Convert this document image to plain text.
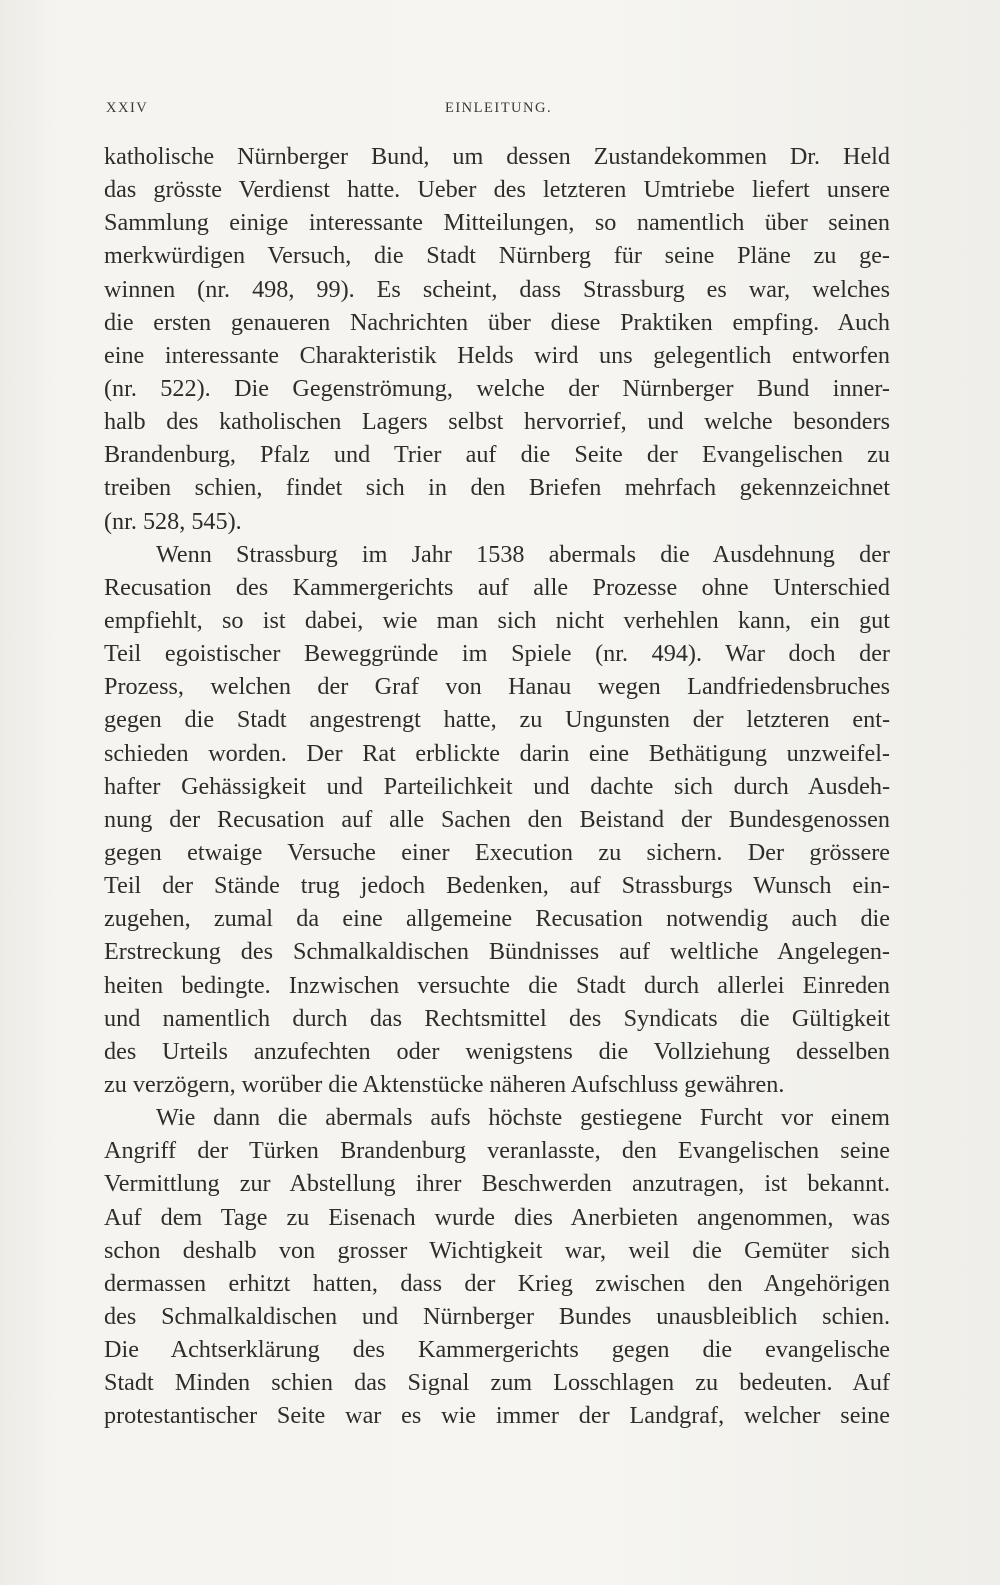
XXIV	EINLEITUNG.
katholische Nürnberger Bund, um dessen Zustandekommen Dr. Held
das grösste Verdienst hatte. Ueber des letzteren Umtriebe liefert unsere
Sammlung einige interessante Mitteilungen, so namentlich über seinen
merkwürdigen Versuch, die Stadt Nürnberg für seine Pläne zu ge-
winnen (nr. 498, 99). Es scheint, dass Strassburg es war, welches
die ersten genaueren Nachrichten über diese Praktiken empfing. Auch
eine interessante Charakteristik Helds wird uns gelegentlich entworfen
(nr. 522). Die Gegenströmung, welche der Nürnberger Bund inner-
halb des katholischen Lagers selbst hervorrief, und welche besonders
Brandenburg, Pfalz und Trier auf die Seite der Evangelischen zu
treiben schien, findet sich in den Briefen mehrfach gekennzeichnet
(nr. 528, 545).
Wenn Strassburg im Jahr 1538 abermals die Ausdehnung der
Recusation des Kammergerichts auf alle Prozesse ohne Unterschied
empfiehlt, so ist dabei, wie man sich nicht verhehlen kann, ein gut
Teil egoistischer Beweggründe im Spiele (nr. 494). War doch der
Prozess, welchen der Graf von Hanau wegen Landfriedensbruches
gegen die Stadt angestrengt hatte, zu Ungunsten der letzteren ent-
schieden worden. Der Rat erblickte darin eine Bethätigung unzweifel-
hafter Gehässigkeit und Parteilichkeit und dachte sich durch Ausdeh-
nung der Recusation auf alle Sachen den Beistand der Bundesgenossen
gegen etwaige Versuche einer Execution zu sichern. Der grössere
Teil der Stände trug jedoch Bedenken, auf Strassburgs Wunsch ein-
zugehen, zumal da eine allgemeine Recusation notwendig auch die
Erstreckung des Schmalkaldischen Bündnisses auf weltliche Angelegen-
heiten bedingte. Inzwischen versuchte die Stadt durch allerlei Einreden
und namentlich durch das Rechtsmittel des Syndicats die Gültigkeit
des Urteils anzufechten oder wenigstens die Vollziehung desselben
zu verzögern, worüber die Aktenstücke näheren Aufschluss gewähren.
Wie dann die abermals aufs höchste gestiegene Furcht vor einem
Angriff der Türken Brandenburg veranlasste, den Evangelischen seine
Vermittlung zur Abstellung ihrer Beschwerden anzutragen, ist bekannt.
Auf dem Tage zu Eisenach wurde dies Anerbieten angenommen, was
schon deshalb von grosser Wichtigkeit war, weil die Gemüter sich
dermassen erhitzt hatten, dass der Krieg zwischen den Angehörigen
des Schmalkaldischen und Nürnberger Bundes unausbleiblich schien.
Die Achtserklärung des Kammergerichts gegen die evangelische
Stadt Minden schien das Signal zum Losschlagen zu bedeuten. Auf
protestantischer Seite war es wie immer der Landgraf, welcher seine
